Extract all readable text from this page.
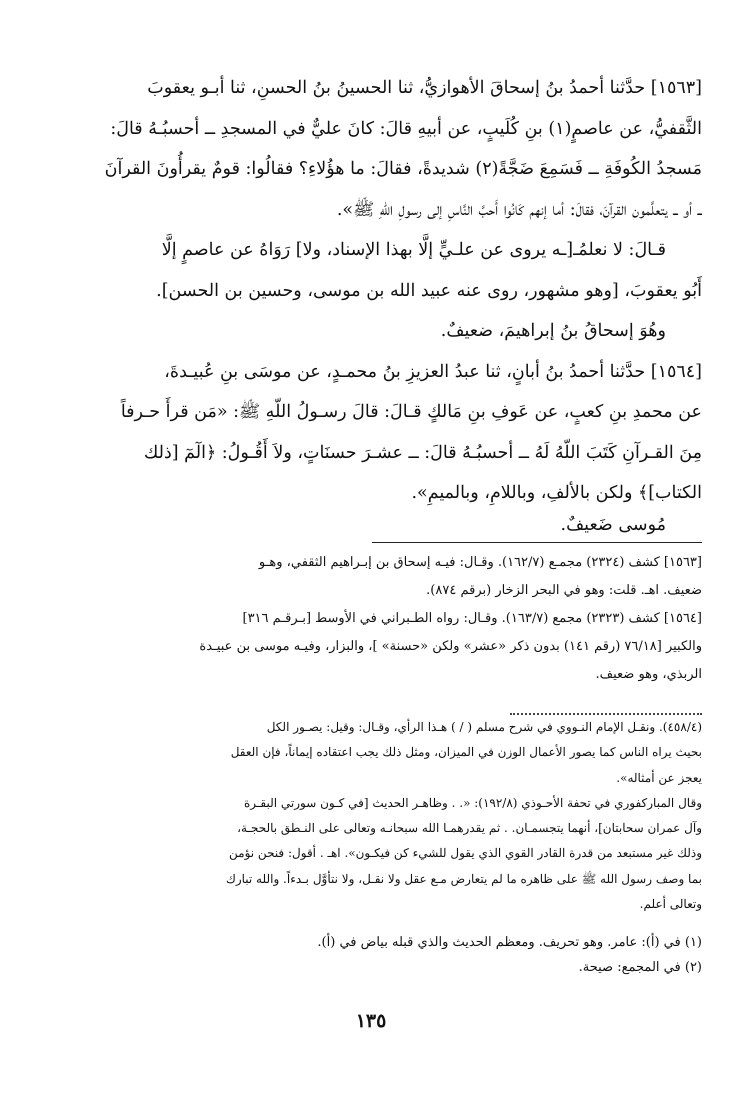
[١٥٦٣] حدَّثنا أحمدُ بنُ إسحاقَ الأهوازيُّ، ثنا الحسينُ بنُ الحسنِ، ثنا أبـو يعقوبَ

الثَّقفيُّ، عن عاصمٍ(١) بنِ كُلَيبٍ، عن أبيهِ قالَ: كانَ عليٌّ في المسجدِ ــ أحسبُـهُ قالَ:

مَسجدُ الكُوفَةِ ــ فَسَمِعَ ضَجَّةً(٢) شديدةً، فقالَ: ما هؤُلاءِ؟ فقالُوا: قومٌ يقرأُونَ القرآنَ

ــ أو ــ يتعلَّمون القرآنَ، فقالَ: أما إنهم كَانُوا أَحبَّ النَّاسِ إلى رسولِ اللّهِ ﷺ».

قـالَ: لا نعلمُـ[ـه يروى عن علـيٍّ إلَّا بهذا الإسناد، ولا] رَوَاهُ عن عاصمٍ إلَّا

أَبُو يعقوبَ، [وهو مشهور، روى عنه عبيد الله بن موسى، وحسين بن الحسن].

وهُوَ إسحاقُ بنُ إبراهيمَ، ضعيفٌ.

[١٥٦٤] حدَّثنا أحمدُ بنُ أبانٍ، ثنا عبدُ العزيزِ بنُ محمـدٍ، عن موسَى بنِ عُبيـدةَ،

عن محمدِ بنِ كعبٍ، عن عَوفِ بنِ مَالكٍ قـالَ: قالَ رسـولُ اللّهِ ﷺ: «مَن قرأَ حـرفاً

مِنَ القـرآنِ كَتَبَ اللّهُ لَهُ ــ أحسبُـهُ قالَ: ــ عشـرَ حسنَاتٍ، ولاَ أَقُـولُ: ﴿الٓمٓ [ذلك

الكتاب]﴾ ولكن بالألفِ، وباللامِ، وبالميمِ».

مُوسى ضَعيفٌ.

[١٥٦٣] كشف (٢٣٢٤) مجمـع (١٦٢/٧). وقـال: فيـه إسحاق بن إبـراهيم الثقفي، وهـو

ضعيف. اهـ. قلت: وهو في البحر الزخار (برقم ٨٧٤).

[١٥٦٤] كشف (٢٣٢٣) مجمع (١٦٣/٧). وقـال: رواه الطـبراني في الأوسط [بـرقـم ٣١٦]

والكبير [٧٦/١٨ (رقم ١٤١) بدون ذكر «عشر» ولكن «حسنة» ]، والبزار، وفيـه موسى بن عبيـدة

الربذي، وهو ضعيف.

(٤٥٨/٤). ونقـل الإمام النـووي في شرح مسلم ( / ) هـذا الرأي، وقـال: وقيل: يصـور الكل

بحيث يراه الناس كما يصور الأعمال الوزن في الميزان، ومثل ذلك يجب اعتقاده إيماناً، فإن العقل

يعجز عن أمثاله».

وقال المباركفوري في تحفة الأحـوذي (١٩٢/٨): «. . وظاهـر الحديث [في كـون سورتي البقـرة

وآل عمران سحابتان]، أنهما يتجسمـان. . ثم يقدرهمـا الله سبحانـه وتعالى على النـطق بالحجـة،

وذلك غير مستبعد من قدرة القادر القوي الذي يقول للشيء كن فيكـون». اهـ . أقول: فنحن نؤمن

بما وصف رسول الله ﷺ على ظاهره ما لم يتعارض مـع عقل ولا نقـل، ولا نتأوَّل بـدءاً. والله تبارك

وتعالى أعلم.

(١) في (أ): عامر. وهو تحريف. ومعظم الحديث والذي قبله بياض في (أ).

(٢) في المجمع: صيحة.

١٣٥
